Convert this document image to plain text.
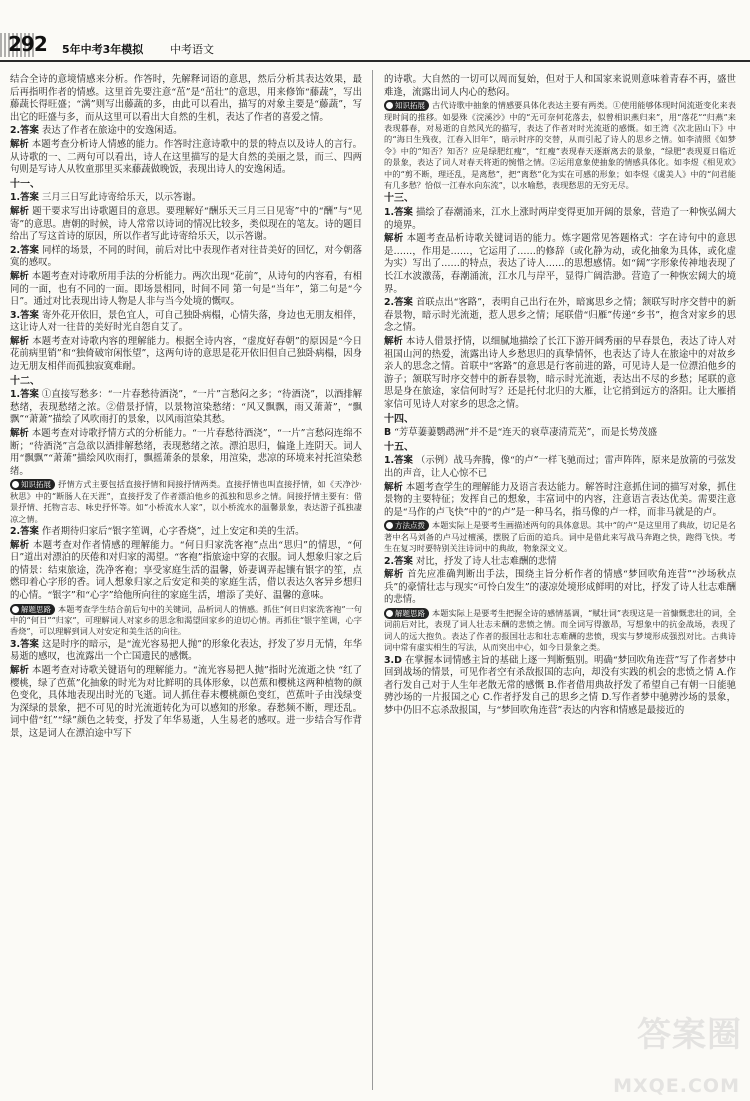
292 5年中考3年模拟 中考语文

结合全诗的意境情感来分析。作答时，先解释词语的意思，然后分析其表达效果，最后再指明作者的情感。这里首先要注意“茁”是“茁壮”的意思，用来修饰“藤蔬”，写出藤蔬长得旺盛；“满”则写出藤蔬的多，由此可以看出，描写的对象主要是“藤蔬”，写出它的旺盛与多，而从这里可以看出大自然的生机，表达了作者的喜爱之情。

2.答案 表达了作者在旅途中的安逸闲适。

解析 本题考查分析诗人情感的能力。作答时注意诗歌中的景的特点以及诗人的言行。从诗歌的一、二两句可以看出，诗人在这里描写的是大自然的美丽之景，而三、四两句则是写诗人从牧童那里买来藤蔬做晚饭，表现出诗人的安逸闲适。

十一、

1.答案 三月三日写此诗寄给乐天，以示答谢。

解析 题干要求写出诗歌题目的意思。要理解好“酬乐天三月三日见寄”中的“酬”与“见寄”的意思。唐朝的时候，诗人常常以诗词的情况比较多，类似现在的笔友。诗的题目给出了写这首诗的原因，所以作者写此诗寄给乐天，以示答谢。

2.答案 同样的场景，不同的时间，前后对比中表现作者对往昔美好的回忆，对今朝落寞的感叹。

解析 本题考查对诗歌所用手法的分析能力。两次出现“花前”，从诗句的内容看，有相同的一面，也有不同的一面。即场景相同，时间不同 第一句是“当年”，第二句是“今日”。通过对比表现出诗人物是人非与当今处境的慨叹。

3.答案 寄外花开依旧，景色宜人，可自己独卧病榻，心情失落，身边也无朋友相伴，这让诗人对一往昔的美好时光自怨自艾了。

解析 本题考查对诗歌内容的理解能力。根据全诗内容，“虚度好春朝”的原因是“今日花前病里销”和“独倚破帘闲怅望”，这两句诗的意思是花开依旧但自己独卧病榻，因身边无朋友相伴而孤独寂寞难耐。

十二、

1.答案 ①直接写愁多：“一片春愁待酒浇”，“一片”言愁闷之多；“待酒浇”，以酒排解愁绪，表现愁绪之浓。②借景抒情，以景物渲染愁绪：“风又飘飘，雨又萧萧”，“飘飘”“萧萧”描绘了风吹雨打的景象，以风雨渲染其愁。

解析 本题考查对诗歌抒情方式的分析能力。“一片春愁待酒浇”，“一片”言愁闷连绵不断；“待酒浇”言急欲以酒排解愁绪，表现愁绪之浓。漂泊思归，偏逢上连阴天。词人用“飘飘”“萧萧”描绘风吹雨打，飘摇萧条的景象，用渲染，悲凉的环境来衬托渲染愁绪。

知识拓展 抒情方式主要包括直接抒情和间接抒情两类。直接抒情也叫直接抒情，如《天净沙·秋思》中的“断肠人在天涯”，直接抒发了作者漂泊他乡的孤独和思乡之情。间接抒情主要有：借景抒情、托物言志、咏史抒怀等。如“小桥流水人家”，以小桥流水的温馨景象，表达游子孤独凄凉之情。

2.答案 作者期待归家后“银字笙调，心字香烧”，过上安定和美的生活。

解析 本题考查对作者情感的理解能力。“何日归家洗客袍”点出“思归”的情思，“何日”道出对漂泊的厌倦和对归家的渴望。“客袍”指旅途中穿的衣服。词人想象归家之后的情景：结束旅途，洗净客袍；享受家庭生活的温馨，娇妻调弄起镶有银字的笙，点燃印着心字形的香。词人想象归家之后安定和美的家庭生活，借以表达久客异乡想归的心情。“银字”和“心字”给他所向往的家庭生活，增添了美好、温馨的意味。

解题思路 本题考查学生结合前后句中的关键词，品析词人的情感。抓住“何日归家洗客袍”一句中的“何日”“归家”，可理解词人对家乡的思念和渴望回家乡的迫切心情。再抓住“银字笙调，心字香烧”，可以理解到词人对安定和美生活的向往。

3.答案 这是时序的暗示，是“流光容易把人抛”的形象化表达，抒发了岁月无情，年华易逝的感叹，也流露出一个亡国遗民的感慨。

解析 本题考查对诗歌关键语句的理解能力。“流光容易把人抛”指时光流逝之快 “红了樱桃，绿了芭蕉”化抽象的时光为对比鲜明的具体形象，以芭蕉和樱桃这两种植物的颜色变化，具体地表现出时光的飞逝。词人抓住春末樱桃颜色变红，芭蕉叶子由浅绿变为深绿的景象，把不可见的时光流逝转化为可以感知的形象。春愁频不断，理还乱。词中借“红”“绿”颜色之转变，抒发了年华易逝，人生易老的感叹。进一步结合写作背景，这是词人在漂泊途中写下

的诗歌。大自然的一切可以周而复始，但对于人和国家来说则意味着青春不再，盛世难逢，流露出词人内心的愁闷。

知识拓展 古代诗歌中抽象的情感要具体化表达主要有两类。①使用能够体现时间流逝变化来表现时间的推移。如晏殊《浣溪沙》中的“无可奈何花落去，似曾相识燕归来”，用“落花”“归燕”来表现暮春，对易逝的自然风光的描写，表达了作者对时光流逝的感慨。如王湾《次北固山下》中的“海日生残夜，江春入旧年”，暗示时序的交替，从而引起了诗人的思乡之情。如李清照《如梦令》中的“知否？知否？应是绿肥红瘦”，“红瘦”表现春天逐渐离去的景象，“绿肥”表现夏日临近的景象，表达了词人对春天将逝的惋惜之情。②运用意象使抽象的情感具体化。如李煜《相见欢》中的“剪不断，理还乱，是离愁”，把“离愁”化为实在可感的形象；如李煜《虞美人》中的“问君能有几多愁？恰似一江春水向东流”，以水喻愁，表现愁思的无穷无尽。

十三、

1.答案 描绘了春潮涌来，江水上涨时两岸变得更加开阔的景象，营造了一种恢弘阔大的境界。

解析 本题考查品析诗歌关键词语的能力。炼字题常见答题格式：字在诗句中的意思是……，作用是……，它运用了……的修辞（或化静为动，或化抽象为具体，或化虚为实）写出了……的特点，表达了诗人……的思想感情。如“阔”字形象传神地表现了长江水波激荡，春潮涌流，江水几与岸平，显得广阔浩渺。营造了一种恢宏阔大的境界。

2.答案 首联点出“客路”，表明自己出行在外，暗寓思乡之情；颔联写时序交替中的新春景物，暗示时光流逝，惹人思乡之情；尾联借“归雁”传递“乡书”，抱含对家乡的思念之情。

解析 本诗人借景抒情，以细腻地描绘了长江下游开阔秀丽的早春景色，表达了诗人对祖国山河的热爱，流露出诗人乡愁思归的真挚情怀，也表达了诗人在旅途中的对故乡亲人的思念之情。首联中“客路”的意思是行客前进的路，可见诗人是一位漂泊他乡的游子；颔联写时序交替中的新春景物，暗示时光流逝，表达出不尽的乡愁；尾联的意思是身在旅途，家信何时写？还是托付北归的大雁，让它捎到远方的洛阳。让大雁捎家信可见诗人对家乡的思念之情。

十四、

B “芳草萋萋鹦鹉洲”并不是“连天的衰草凄清荒芜”，而是长势茂盛

十五、

1.答案 （示例）战马奔腾，像“的卢”一样飞驰而过；雷声阵阵，原来是放箭的弓弦发出的声音，让人心惊不已

解析 本题考查学生的理解能力及语言表达能力。解答时注意抓住词的描写对象，抓住景物的主要特征；发挥自己的想象，丰富词中的内容，注意语言表达优美。需要注意的是“马作的卢飞快”中的“的卢”是一种马名，指马像的卢一样，而非马就是的卢。

方法点拨 本题实际上是要考生画描述两句的具体意思。其中“的卢”是这里用了典故，切记是名著中名马刘备的卢马过檀溪，摆脱了后面的追兵。词中是借此来写战马奔跑之快，跑得飞快。考生在复习时要特别关注诗词中的典故，物象深文义。

2.答案 对比，抒发了诗人壮志难酬的悲情

解析 首先应准确判断出手法，围绕主旨分析作者的情感“梦回吹角连营”“沙场秋点兵”的豪情壮志与现实“可怜白发生”的凄凉处境形成鲜明的对比，抒发了诗人壮志难酬的悲情。

解题思路 本题实际上是要考生把握全诗的感情基调，“赋壮词”表现这是一首慷慨悲壮的词，全词前后对比，表现了词人壮志未酬的悲愤之情。而全词写得激昂，写想象中的抗金战场，表现了词人的远大抱负。表达了作者的报国壮志和壮志难酬的悲愤，现实与梦境形成强烈对比。古典诗词中常有虚实相生的写法，从而突出中心，如今日景象之类。

3.D 在掌握本词情感主旨的基础上逐一判断甄别。明确“梦回吹角连营”写了作者梦中回到战场的情景，可见作者空有杀敌报国的志向，却没有实践的机会的悲愤之情 A.作者行发自己对于人生年老散无常的感慨 B.作者借用典故抒发了希望自己有朝一日能驰骋沙场的一片报国之心 C.作者抒发自己的思乡之情 D.写作者梦中驰骋沙场的景象，梦中仍旧不忘杀敌报国，与“梦回吹角连营”表达的内容和情感是最接近的

答案圈
MXQE.COM
